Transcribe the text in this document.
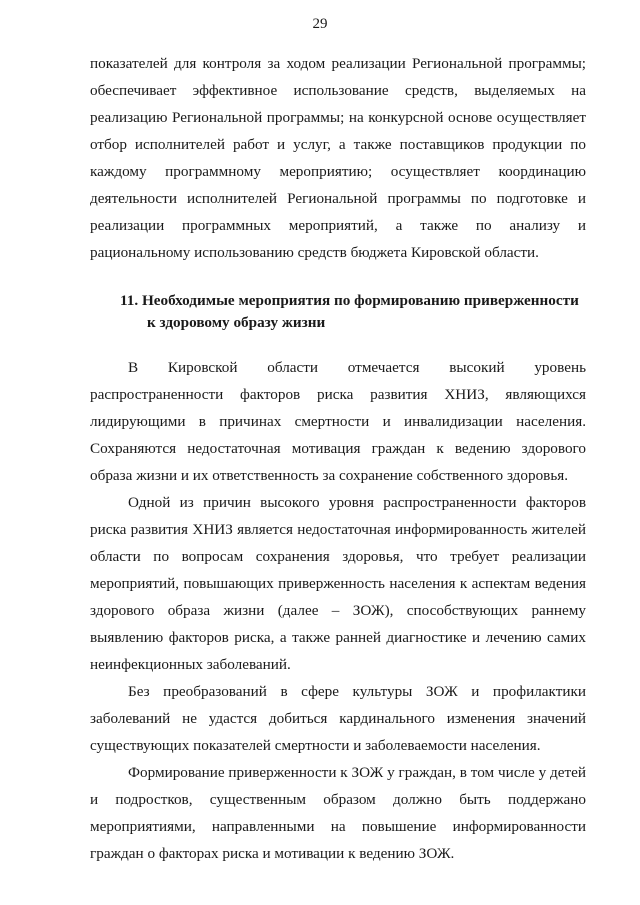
29

показателей для контроля за ходом реализации Региональной программы; обеспечивает эффективное использование средств, выделяемых на реализацию Региональной программы; на конкурсной основе осуществляет отбор исполнителей работ и услуг, а также поставщиков продукции по каждому программному мероприятию; осуществляет координацию деятельности исполнителей Региональной программы по подготовке и реализации программных мероприятий, а также по анализу и рациональному использованию средств бюджета Кировской области.

11. Необходимые мероприятия по формированию приверженности к здоровому образу жизни

В Кировской области отмечается высокий уровень распространенности факторов риска развития ХНИЗ, являющихся лидирующими в причинах смертности и инвалидизации населения. Сохраняются недостаточная мотивация граждан к ведению здорового образа жизни и их ответственность за сохранение собственного здоровья.

Одной из причин высокого уровня распространенности факторов риска развития ХНИЗ является недостаточная информированность жителей области по вопросам сохранения здоровья, что требует реализации мероприятий, повышающих приверженность населения к аспектам ведения здорового образа жизни (далее – ЗОЖ), способствующих раннему выявлению факторов риска, а также ранней диагностике и лечению самих неинфекционных заболеваний.

Без преобразований в сфере культуры ЗОЖ и профилактики заболеваний не удастся добиться кардинального изменения значений существующих показателей смертности и заболеваемости населения.

Формирование приверженности к ЗОЖ у граждан, в том числе у детей и подростков, существенным образом должно быть поддержано мероприятиями, направленными на повышение информированности граждан о факторах риска и мотивации к ведению ЗОЖ.
